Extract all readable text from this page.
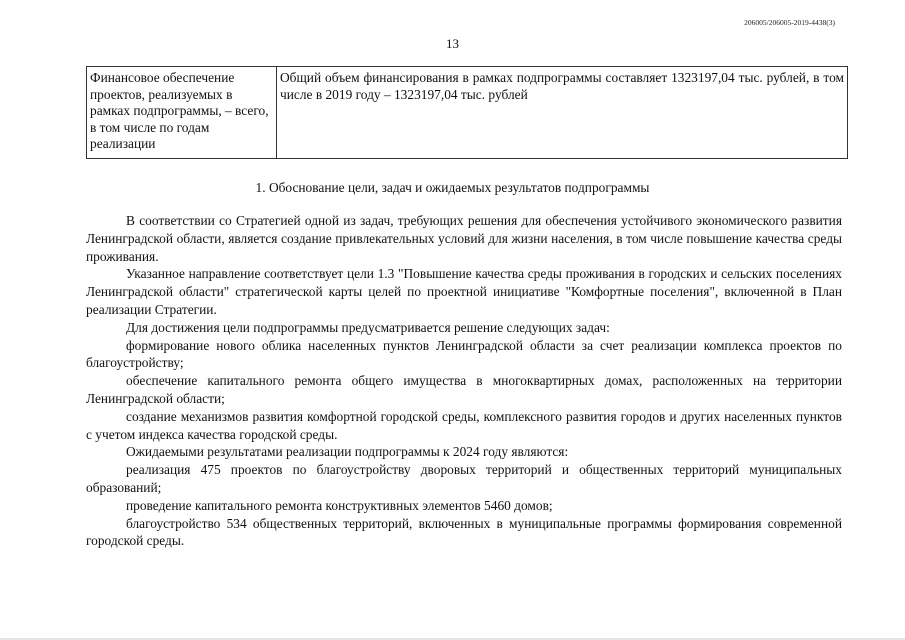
206005/206005-2019-4438(3)
13
Финансовое обеспечение проектов, реализуемых в рамках подпрограммы, – всего, в том числе по годам реализации	Общий объем финансирования в рамках подпрограммы составляет 1323197,04 тыс. рублей, в том числе в 2019 году – 1323197,04 тыс. рублей
1. Обоснование цели, задач и ожидаемых результатов подпрограммы

В соответствии со Стратегией одной из задач, требующих решения для обеспечения устойчивого экономического развития Ленинградской области, является создание привлекательных условий для жизни населения, в том числе повышение качества среды проживания.

Указанное направление соответствует цели 1.3 "Повышение качества среды проживания в городских и сельских поселениях Ленинградской области" стратегической карты целей по проектной инициативе "Комфортные поселения", включенной в План реализации Стратегии.

Для достижения цели подпрограммы предусматривается решение следующих задач:

формирование нового облика населенных пунктов Ленинградской области за счет реализации комплекса проектов по благоустройству;

обеспечение капитального ремонта общего имущества в многоквартирных домах, расположенных на территории Ленинградской области;

создание механизмов развития комфортной городской среды, комплексного развития городов и других населенных пунктов с учетом индекса качества городской среды.

Ожидаемыми результатами реализации подпрограммы к 2024 году являются:

реализация 475 проектов по благоустройству дворовых территорий и общественных территорий муниципальных образований;

проведение капитального ремонта конструктивных элементов 5460 домов;

благоустройство 534 общественных территорий, включенных в муниципальные программы формирования современной городской среды.
